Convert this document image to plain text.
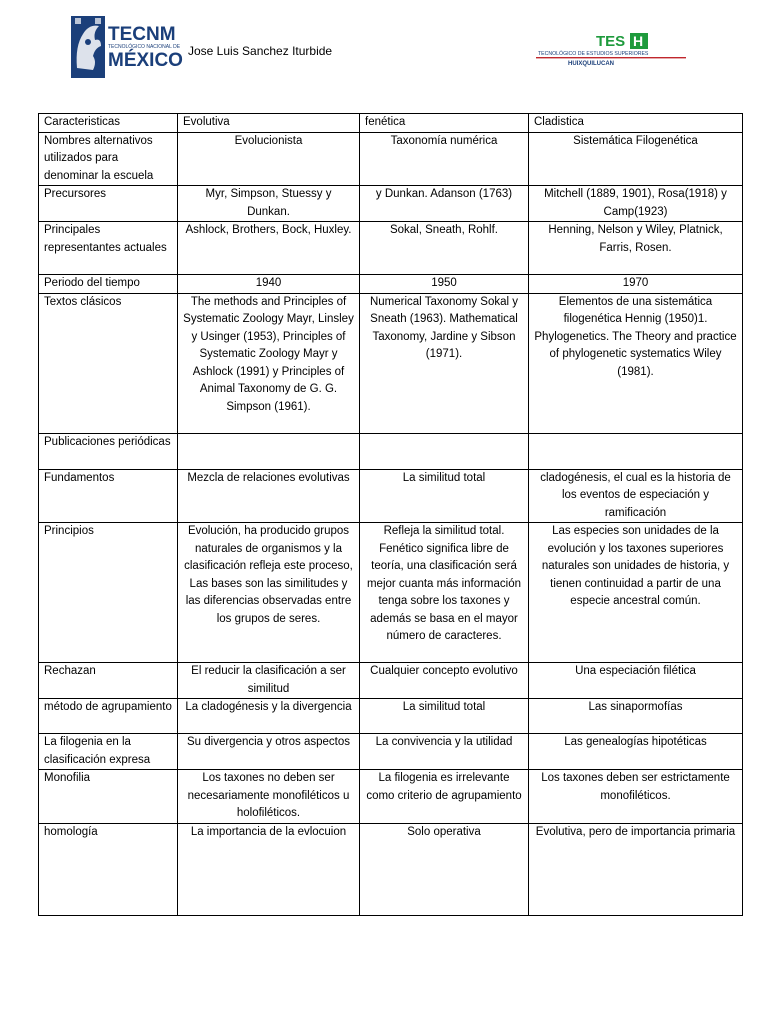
TECNM
TECNOLÓGICO NACIONAL DE
MÉXICO Jose Luis Sanchez Iturbide
TES H
TECNOLÓGICO DE ESTUDIOS SUPERIORES
HUIXQUILUCAN
Caracteristicas	Evolutiva	fenética	Cladistica
Nombres alternativos utilizados para denominar la escuela	Evolucionista	Taxonomía numérica	Sistemática Filogenética
Precursores	Myr, Simpson, Stuessy y Dunkan.	y Dunkan. Adanson (1763)	Mitchell (1889, 1901), Rosa(1918) y Camp(1923)
Principales representantes actuales	Ashlock, Brothers, Bock, Huxley.	Sokal, Sneath, Rohlf.	Henning, Nelson y Wiley, Platnick, Farris, Rosen.
Periodo del tiempo	1940	1950	1970
Textos clásicos	The methods and Principles of Systematic Zoology Mayr, Linsley y Usinger (1953), Principles of Systematic Zoology Mayr y Ashlock (1991) y Principles of Animal Taxonomy de G. G. Simpson (1961).	Numerical Taxonomy Sokal y Sneath (1963). Mathematical Taxonomy, Jardine y Sibson (1971).	Elementos de una sistemática filogenética Hennig (1950)1. Phylogenetics. The Theory and practice of phylogenetic systematics Wiley (1981).
Publicaciones periódicas			
Fundamentos	Mezcla de relaciones evolutivas	La similitud total	cladogénesis, el cual es la historia de los eventos de especiación y ramificación
Principios	Evolución, ha producido grupos naturales de organismos y la clasificación refleja este proceso, Las bases son las similitudes y las diferencias observadas entre los grupos de seres.	Refleja la similitud total. Fenético significa libre de teoría, una clasificación será mejor cuanta más información tenga sobre los taxones y además se basa en el mayor número de caracteres.	Las especies son unidades de la evolución y los taxones superiores naturales son unidades de historia, y tienen continuidad a partir de una especie ancestral común.
Rechazan	El reducir la clasificación a ser similitud	Cualquier concepto evolutivo	Una especiación filética
método de agrupamiento	La cladogénesis y la divergencia	La similitud total	Las sinapormofías
La filogenia en la clasificación expresa	Su divergencia y otros aspectos	La convivencia y la utilidad	Las genealogías hipotéticas
Monofilia	Los taxones no deben ser necesariamente monofiléticos u holofiléticos.	La filogenia es irrelevante como criterio de agrupamiento	Los taxones deben ser estrictamente monofiléticos.
homología	La importancia de la evlocuion	Solo operativa	Evolutiva, pero de importancia primaria
